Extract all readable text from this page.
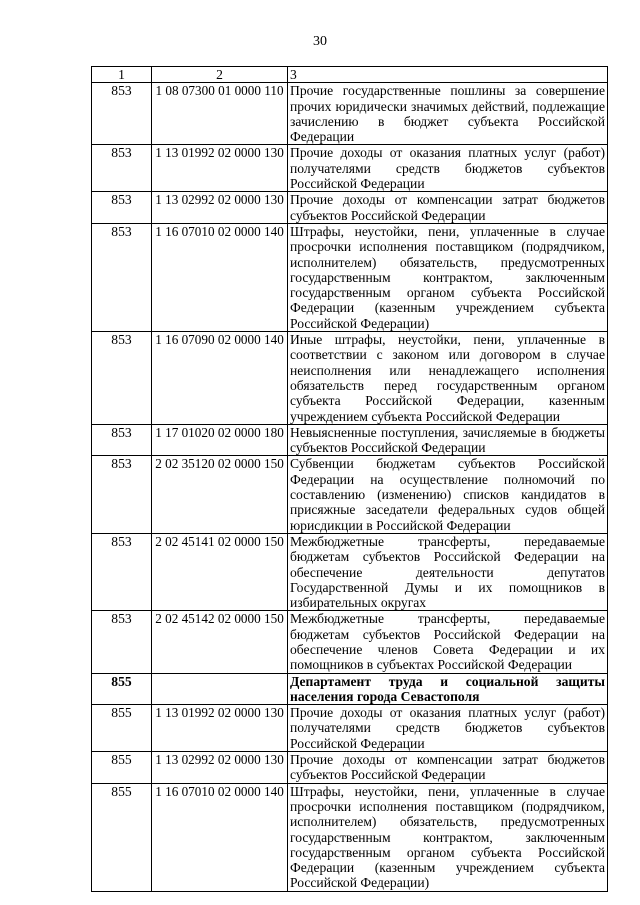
30
1	2	3
853	1 08 07300 01 0000 110	Прочие государственные пошлины за совершение прочих юридически значимых действий, подлежащие зачислению в бюджет субъекта Российской Федерации
853	1 13 01992 02 0000 130	Прочие доходы от оказания платных услуг (работ) получателями средств бюджетов субъектов Российской Федерации
853	1 13 02992 02 0000 130	Прочие доходы от компенсации затрат бюджетов субъектов Российской Федерации
853	1 16 07010 02 0000 140	Штрафы, неустойки, пени, уплаченные в случае просрочки исполнения поставщиком (подрядчиком, исполнителем) обязательств, предусмотренных государственным контрактом, заключенным государственным органом субъекта Российской Федерации (казенным учреждением субъекта Российской Федерации)
853	1 16 07090 02 0000 140	Иные штрафы, неустойки, пени, уплаченные в соответствии с законом или договором в случае неисполнения или ненадлежащего исполнения обязательств перед государственным органом субъекта Российской Федерации, казенным учреждением субъекта Российской Федерации
853	1 17 01020 02 0000 180	Невыясненные поступления, зачисляемые в бюджеты субъектов Российской Федерации
853	2 02 35120 02 0000 150	Субвенции бюджетам субъектов Российской Федерации на осуществление полномочий по составлению (изменению) списков кандидатов в присяжные заседатели федеральных судов общей юрисдикции в Российской Федерации
853	2 02 45141 02 0000 150	Межбюджетные трансферты, передаваемые бюджетам субъектов Российской Федерации на обеспечение деятельности депутатов Государственной Думы и их помощников в избирательных округах
853	2 02 45142 02 0000 150	Межбюджетные трансферты, передаваемые бюджетам субъектов Российской Федерации на обеспечение членов Совета Федерации и их помощников в субъектах Российской Федерации
855		Департамент труда и социальной защиты населения города Севастополя
855	1 13 01992 02 0000 130	Прочие доходы от оказания платных услуг (работ) получателями средств бюджетов субъектов Российской Федерации
855	1 13 02992 02 0000 130	Прочие доходы от компенсации затрат бюджетов субъектов Российской Федерации
855	1 16 07010 02 0000 140	Штрафы, неустойки, пени, уплаченные в случае просрочки исполнения поставщиком (подрядчиком, исполнителем) обязательств, предусмотренных государственным контрактом, заключенным государственным органом субъекта Российской Федерации (казенным учреждением субъекта Российской Федерации)
